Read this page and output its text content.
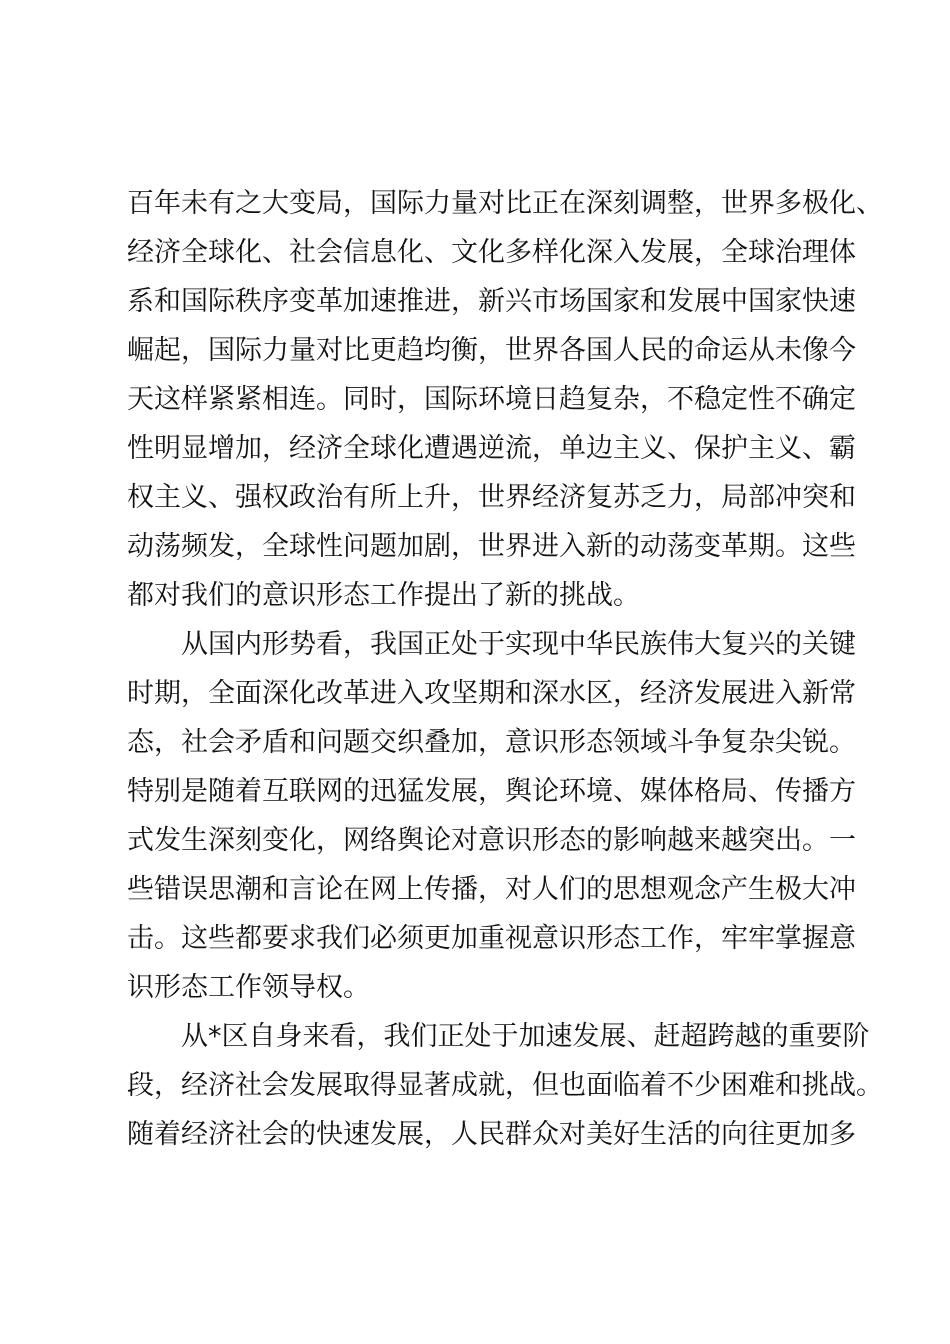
百年未有之大变局，国际力量对比正在深刻调整，世界多极化、
经济全球化、社会信息化、文化多样化深入发展，全球治理体
系和国际秩序变革加速推进，新兴市场国家和发展中国家快速
崛起，国际力量对比更趋均衡，世界各国人民的命运从未像今
天这样紧紧相连。同时，国际环境日趋复杂，不稳定性不确定
性明显增加，经济全球化遭遇逆流，单边主义、保护主义、霸
权主义、强权政治有所上升，世界经济复苏乏力，局部冲突和
动荡频发，全球性问题加剧，世界进入新的动荡变革期。这些
都对我们的意识形态工作提出了新的挑战。
从国内形势看，我国正处于实现中华民族伟大复兴的关键
时期，全面深化改革进入攻坚期和深水区，经济发展进入新常
态，社会矛盾和问题交织叠加，意识形态领域斗争复杂尖锐。
特别是随着互联网的迅猛发展，舆论环境、媒体格局、传播方
式发生深刻变化，网络舆论对意识形态的影响越来越突出。一
些错误思潮和言论在网上传播，对人们的思想观念产生极大冲
击。这些都要求我们必须更加重视意识形态工作，牢牢掌握意
识形态工作领导权。
从*区自身来看，我们正处于加速发展、赶超跨越的重要阶
段，经济社会发展取得显著成就，但也面临着不少困难和挑战。
随着经济社会的快速发展，人民群众对美好生活的向往更加多
